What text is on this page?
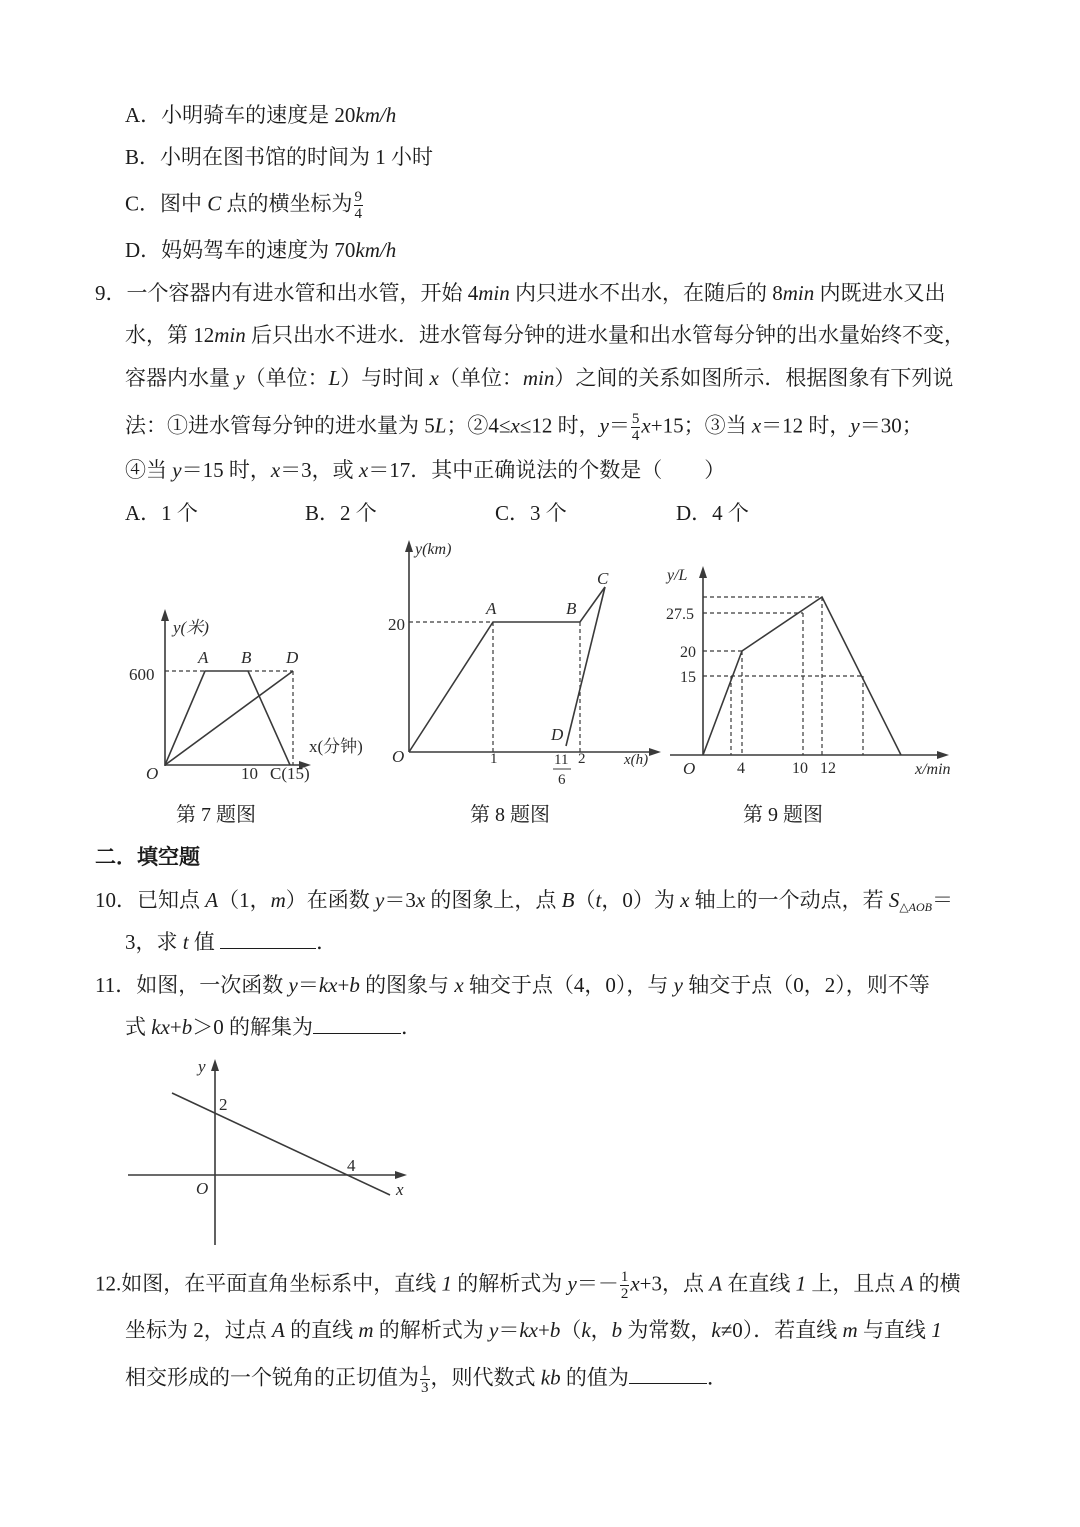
A．小明骑车的速度是 20km/h
B．小明在图书馆的时间为 1 小时
C．图中 C 点的横坐标为 $\frac{9}{4}$
D．妈妈驾车的速度为 70km/h
9．一个容器内有进水管和出水管，开始 4min 内只进水不出水，在随后的 8min 内既进水又出
水，第 12min 后只出水不进水．进水管每分钟的进水量和出水管每分钟的出水量始终不变，
容器内水量 y（单位：L）与时间 x（单位：min）之间的关系如图所示．根据图象有下列说
法：①进水管每分钟的进水量为 5L；②4≤x≤12 时，$y= \frac{5}{4} x+15$；③当 x＝12 时，y＝30；
④当 y＝15 时，x＝3，或 x＝17．其中正确说法的个数是（　　）
A．1 个	B．2 个	C．3 个	D．4 个
y(米)
600
A B D
O	10 C(15)
x(分钟)
y(km)
20
A	B
C
D
O	1	11
6
2	x(h)
y/L
27.5
20
15
O	4	10 12	x/min
第 7 题图	第 8 题图	第 9 题图
二．填空题
10．已知点 A（1，m）在函数 y＝3x 的图象上，点 B（t，0）为 x 轴上的一个动点，若 $S_{\triangle AOB}=$
3，求 t 值	．
11．如图，一次函数 y＝kx+b 的图象与 x 轴交于点（4，0），与 y 轴交于点（0，2），则不等
式 kx+b＞0 的解集为	．
y
2
O
4
x
12.如图，在平面直角坐标系中，直线 1 的解析式为 $y=- \frac{1}{2} x+3$，点 A 在直线 1 上，且点 A 的横
坐标为 2，过点 A 的直线 m 的解析式为 y＝kx+b（k，b 为常数，k≠0）．若直线 m 与直线 1
相交形成的一个锐角的正切值为 $\frac{1}{3}$ ，则代数式 kb 的值为	．
